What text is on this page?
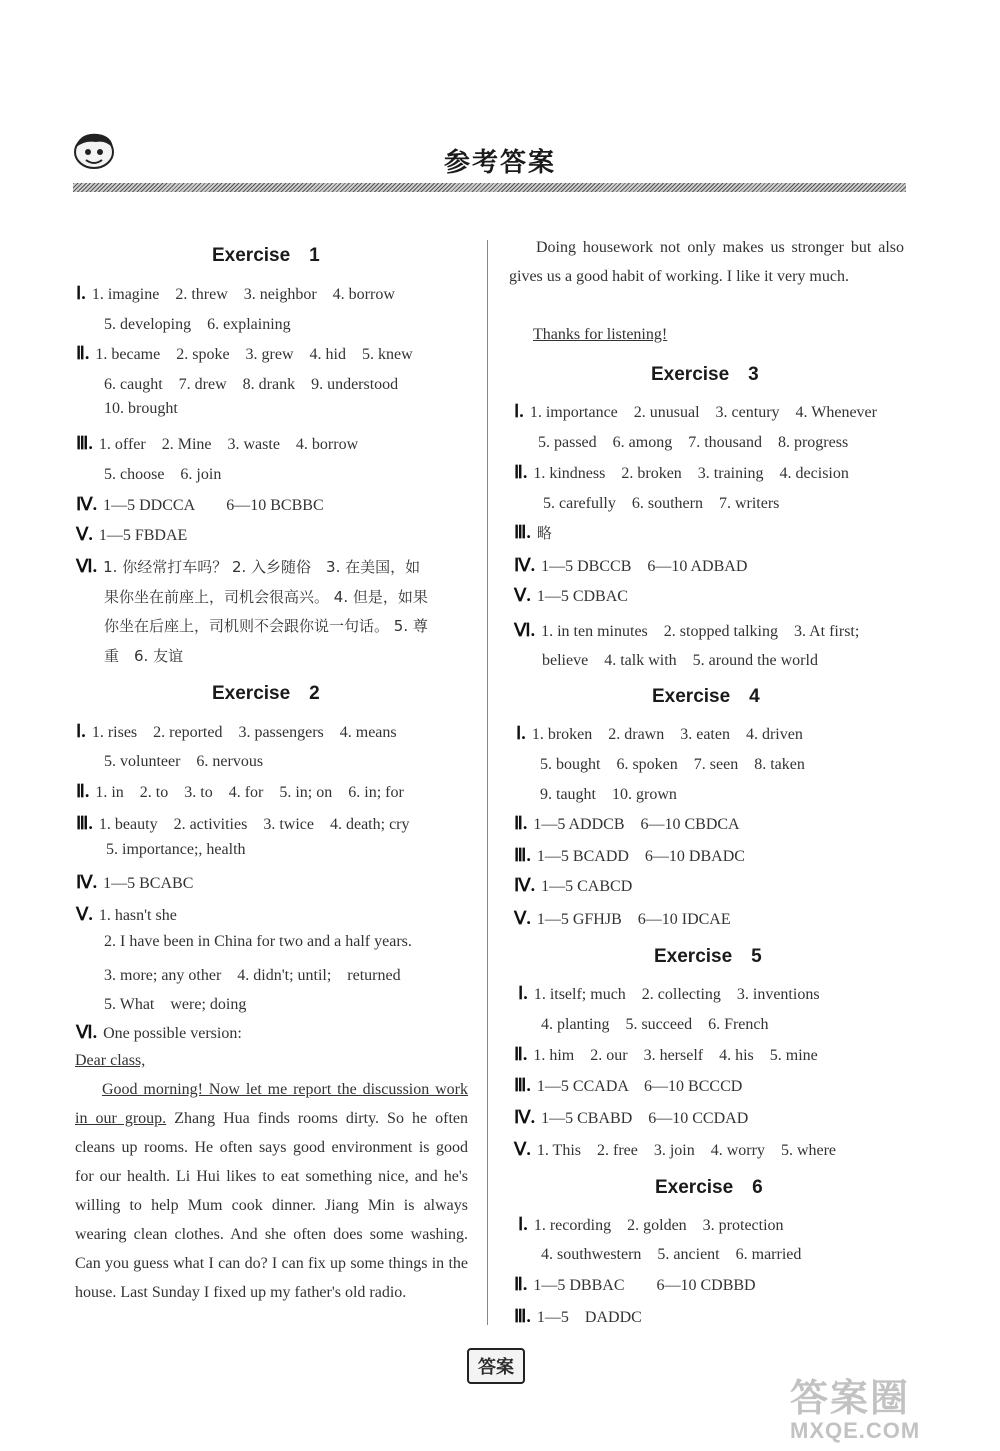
参考答案
Exercise　1
Ⅰ. 1. imagine　2. threw　3. neighbor　4. borrow
5. developing　6. explaining
Ⅱ. 1. became　2. spoke　3. grew　4. hid　5. knew
6. caught　7. drew　8. drank　9. understood
10. brought
Ⅲ. 1. offer　2. Mine　3. waste　4. borrow
5. choose　6. join
Ⅳ. 1—5 DDCCA　　6—10 BCBBC
Ⅴ. 1—5 FBDAE
Ⅵ. 1. 你经常打车吗？ 2. 入乡随俗　3. 在美国，如
果你坐在前座上，司机会很高兴。 4. 但是，如果
你坐在后座上，司机则不会跟你说一句话。 5. 尊
重　6. 友谊
Exercise　2
Ⅰ. 1. rises　2. reported　3. passengers　4. means
5. volunteer　6. nervous
Ⅱ. 1. in　2. to　3. to　4. for　5. in; on　6. in; for
Ⅲ. 1. beauty　2. activities　3. twice　4. death; cry
5. importance;, health
Ⅳ. 1—5 BCABC
Ⅴ. 1. hasn't she
2. I have been in China for two and a half years.
3. more; any other　4. didn't; until;　returned
5. What　were; doing
Ⅵ. One possible version:
Dear class,
Good morning! Now let me report the discussion work in our group. Zhang Hua finds rooms dirty. So he often cleans up rooms. He often says good environment is good for our health. Li Hui likes to eat something nice, and he's willing to help Mum cook dinner. Jiang Min is always wearing clean clothes. And she often does some washing. Can you guess what I can do? I can fix up some things in the house. Last Sunday I fixed up my father's old radio.
Doing housework not only makes us stronger but also gives us a good habit of working. I like it very much.
Thanks for listening!
Exercise　3
Ⅰ. 1. importance　2. unusual　3. century　4. Whenever
5. passed　6. among　7. thousand　8. progress
Ⅱ. 1. kindness　2. broken　3. training　4. decision
5. carefully　6. southern　7. writers
Ⅲ. 略
Ⅳ. 1—5 DBCCB　6—10 ADBAD
Ⅴ. 1—5 CDBAC
Ⅵ. 1. in ten minutes　2. stopped talking　3. At first;
believe　4. talk with　5. around the world
Exercise　4
Ⅰ. 1. broken　2. drawn　3. eaten　4. driven
5. bought　6. spoken　7. seen　8. taken
9. taught　10. grown
Ⅱ. 1—5 ADDCB　6—10 CBDCA
Ⅲ. 1—5 BCADD　6—10 DBADC
Ⅳ. 1—5 CABCD
Ⅴ. 1—5 GFHJB　6—10 IDCAE
Exercise　5
Ⅰ. 1. itself; much　2. collecting　3. inventions
4. planting　5. succeed　6. French
Ⅱ. 1. him　2. our　3. herself　4. his　5. mine
Ⅲ. 1—5 CCADA　6—10 BCCCD
Ⅳ. 1—5 CBABD　6—10 CCDAD
Ⅴ. 1. This　2. free　3. join　4. worry　5. where
Exercise　6
Ⅰ. 1. recording　2. golden　3. protection
4. southwestern　5. ancient　6. married
Ⅱ. 1—5 DBBAC　　6—10 CDBBD
Ⅲ. 1—5　DADDC
答案
答案圈
MXQE.COM
